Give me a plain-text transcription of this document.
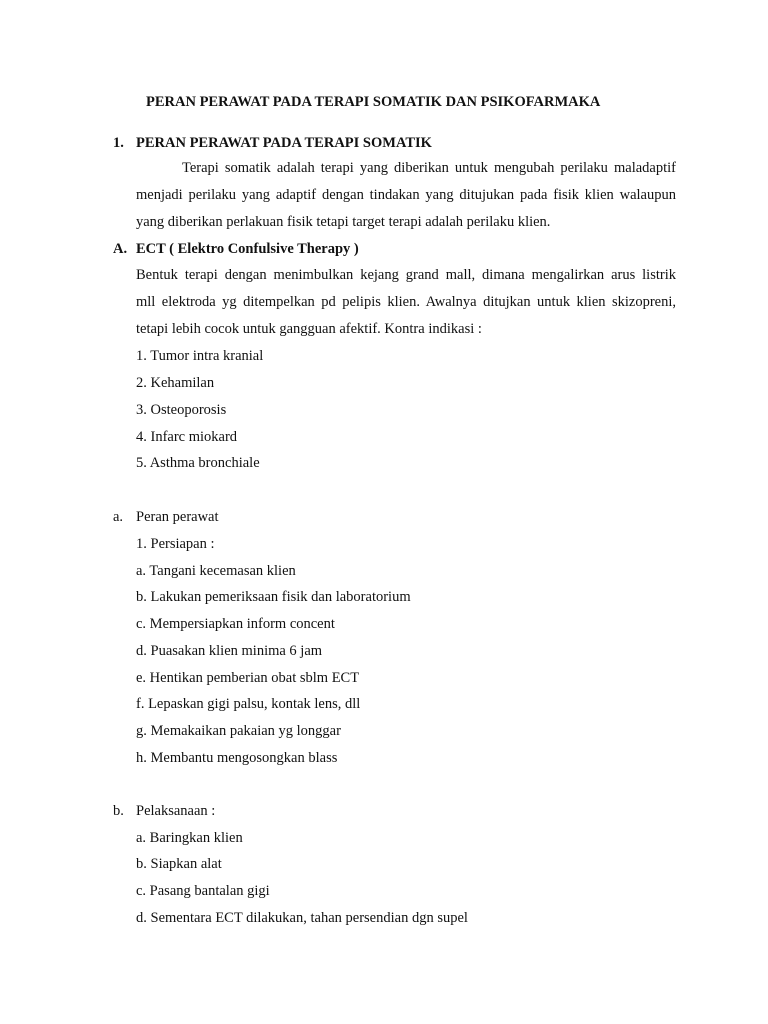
PERAN PERAWAT PADA TERAPI SOMATIK DAN PSIKOFARMAKA
1. PERAN PERAWAT PADA TERAPI SOMATIK
Terapi somatik adalah terapi yang diberikan untuk mengubah perilaku maladaptif
menjadi perilaku yang adaptif dengan tindakan yang ditujukan pada fisik klien walaupun
yang diberikan perlakuan fisik tetapi target terapi adalah perilaku klien.
A. ECT ( Elektro Confulsive Therapy )
Bentuk terapi dengan menimbulkan kejang grand mall, dimana mengalirkan arus listrik
mll elektroda yg ditempelkan pd pelipis klien. Awalnya ditujkan untuk klien skizopreni,
tetapi lebih cocok untuk gangguan afektif. Kontra indikasi :
1. Tumor intra kranial
2. Kehamilan
3. Osteoporosis
4. Infarc miokard
5. Asthma bronchiale
a. Peran perawat
1. Persiapan :
a. Tangani kecemasan klien
b. Lakukan pemeriksaan fisik dan laboratorium
c. Mempersiapkan inform concent
d. Puasakan klien minima 6 jam
e. Hentikan pemberian obat sblm ECT
f. Lepaskan gigi palsu, kontak lens, dll
g. Memakaikan pakaian yg longgar
h. Membantu mengosongkan blass
b. Pelaksanaan :
a. Baringkan klien
b. Siapkan alat
c. Pasang bantalan gigi
d. Sementara ECT dilakukan, tahan persendian dgn supel
